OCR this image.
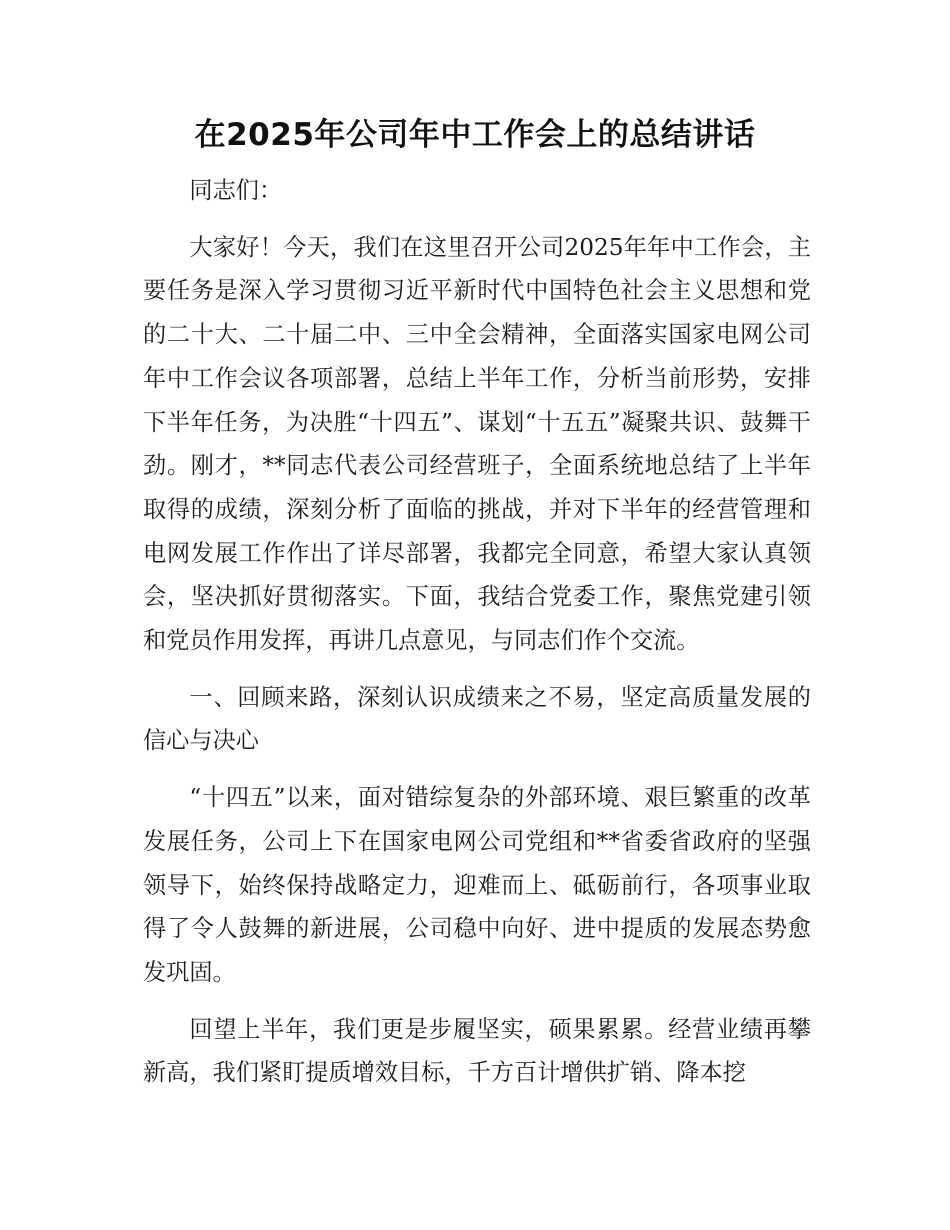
在2025年公司年中工作会上的总结讲话

同志们：

大家好！今天，我们在这里召开公司2025年年中工作会，主要任务是深入学习贯彻习近平新时代中国特色社会主义思想和党的二十大、二十届二中、三中全会精神，全面落实国家电网公司年中工作会议各项部署，总结上半年工作，分析当前形势，安排下半年任务，为决胜“十四五”、谋划“十五五”凝聚共识、鼓舞干劲。刚才，**同志代表公司经营班子，全面系统地总结了上半年取得的成绩，深刻分析了面临的挑战，并对下半年的经营管理和电网发展工作作出了详尽部署，我都完全同意，希望大家认真领会，坚决抓好贯彻落实。下面，我结合党委工作，聚焦党建引领和党员作用发挥，再讲几点意见，与同志们作个交流。

一、回顾来路，深刻认识成绩来之不易，坚定高质量发展的信心与决心

“十四五”以来，面对错综复杂的外部环境、艰巨繁重的改革发展任务，公司上下在国家电网公司党组和**省委省政府的坚强领导下，始终保持战略定力，迎难而上、砥砺前行，各项事业取得了令人鼓舞的新进展，公司稳中向好、进中提质的发展态势愈发巩固。

回望上半年，我们更是步履坚实，硕果累累。经营业绩再攀新高，我们紧盯提质增效目标，千方百计增供扩销、降本挖
